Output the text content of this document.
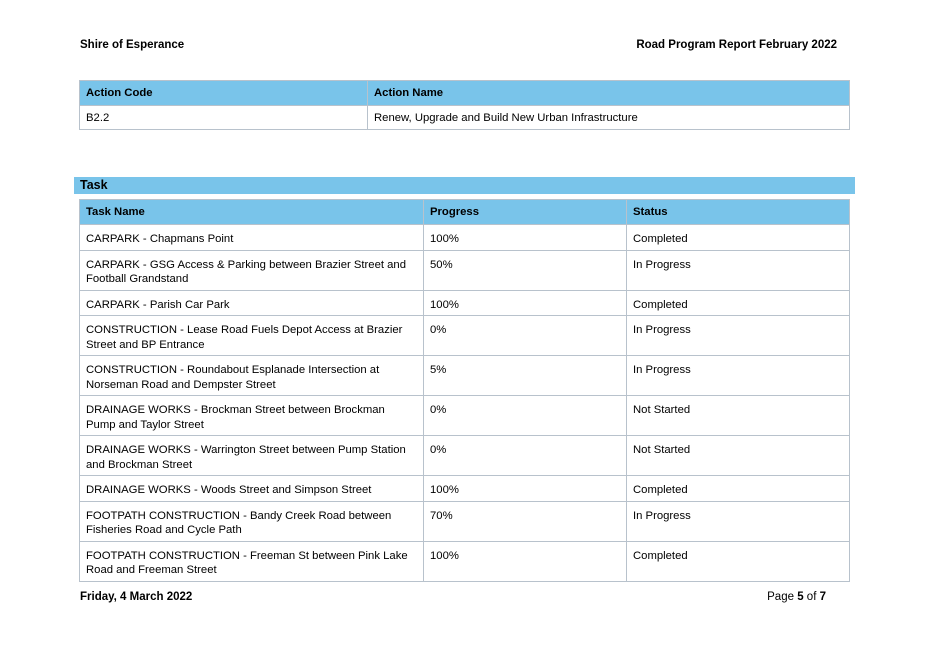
Shire of Esperance	Road Program Report February 2022
Action Code	Action Name
B2.2	Renew, Upgrade and Build New Urban Infrastructure
Task
Task Name	Progress	Status
CARPARK - Chapmans Point	100%	Completed
CARPARK - GSG Access & Parking between Brazier Street and Football Grandstand	50%	In Progress
CARPARK - Parish Car Park	100%	Completed
CONSTRUCTION - Lease Road Fuels Depot Access at Brazier Street and BP Entrance	0%	In Progress
CONSTRUCTION - Roundabout Esplanade Intersection at Norseman Road and Dempster Street	5%	In Progress
DRAINAGE WORKS - Brockman Street between Brockman Pump and Taylor Street	0%	Not Started
DRAINAGE WORKS - Warrington Street between Pump Station and Brockman Street	0%	Not Started
DRAINAGE WORKS - Woods Street and Simpson Street	100%	Completed
FOOTPATH CONSTRUCTION - Bandy Creek Road between Fisheries Road and Cycle Path	70%	In Progress
FOOTPATH CONSTRUCTION - Freeman St between Pink Lake Road and Freeman Street	100%	Completed
Friday, 4 March 2022	Page 5 of 7
